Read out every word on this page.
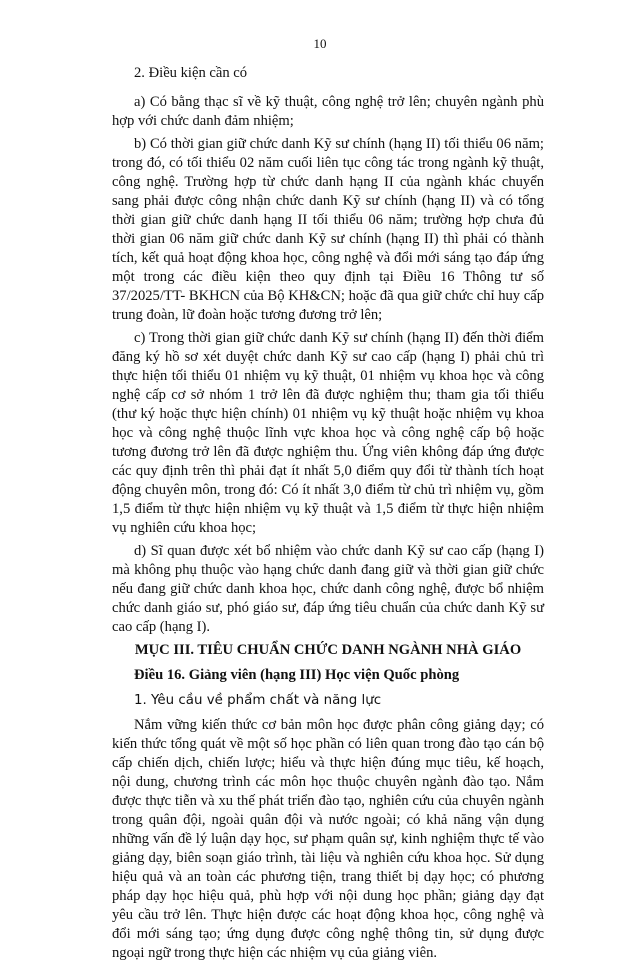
10

2. Điều kiện cần có

a) Có bằng thạc sĩ về kỹ thuật, công nghệ trở lên; chuyên ngành phù hợp với chức danh đảm nhiệm;

b) Có thời gian giữ chức danh Kỹ sư chính (hạng II) tối thiểu 06 năm; trong đó, có tối thiểu 02 năm cuối liên tục công tác trong ngành kỹ thuật, công nghệ. Trường hợp từ chức danh hạng II của ngành khác chuyển sang phải được công nhận chức danh Kỹ sư chính (hạng II) và có tổng thời gian giữ chức danh hạng II tối thiểu 06 năm; trường hợp chưa đủ thời gian 06 năm giữ chức danh Kỹ sư chính (hạng II) thì phải có thành tích, kết quả hoạt động khoa học, công nghệ và đổi mới sáng tạo đáp ứng một trong các điều kiện theo quy định tại Điều 16 Thông tư số 37/2025/TT- BKHCN của Bộ KH&CN; hoặc đã qua giữ chức chỉ huy cấp trung đoàn, lữ đoàn hoặc tương đương trở lên;

c) Trong thời gian giữ chức danh Kỹ sư chính (hạng II) đến thời điểm đăng ký hồ sơ xét duyệt chức danh Kỹ sư cao cấp (hạng I) phải chủ trì thực hiện tối thiểu 01 nhiệm vụ kỹ thuật, 01 nhiệm vụ khoa học và công nghệ cấp cơ sở nhóm 1 trở lên đã được nghiệm thu; tham gia tối thiểu (thư ký hoặc thực hiện chính) 01 nhiệm vụ kỹ thuật hoặc nhiệm vụ khoa học và công nghệ thuộc lĩnh vực khoa học và công nghệ cấp bộ hoặc tương đương trở lên đã được nghiệm thu. Ứng viên không đáp ứng được các quy định trên thì phải đạt ít nhất 5,0 điểm quy đổi từ thành tích hoạt động chuyên môn, trong đó: Có ít nhất 3,0 điểm từ chủ trì nhiệm vụ, gồm 1,5 điểm từ thực hiện nhiệm vụ kỹ thuật và 1,5 điểm từ thực hiện nhiệm vụ nghiên cứu khoa học;

d) Sĩ quan được xét bổ nhiệm vào chức danh Kỹ sư cao cấp (hạng I) mà không phụ thuộc vào hạng chức danh đang giữ và thời gian giữ chức nếu đang giữ chức danh khoa học, chức danh công nghệ, được bổ nhiệm chức danh giáo sư, phó giáo sư, đáp ứng tiêu chuẩn của chức danh Kỹ sư cao cấp (hạng I).

MỤC III. TIÊU CHUẨN CHỨC DANH NGÀNH NHÀ GIÁO

Điều 16. Giảng viên (hạng III) Học viện Quốc phòng

1. Yêu cầu về phẩm chất và năng lực

Nắm vững kiến thức cơ bản môn học được phân công giảng dạy; có kiến thức tổng quát về một số học phần có liên quan trong đào tạo cán bộ cấp chiến dịch, chiến lược; hiểu và thực hiện đúng mục tiêu, kế hoạch, nội dung, chương trình các môn học thuộc chuyên ngành đào tạo. Nắm được thực tiễn và xu thế phát triển đào tạo, nghiên cứu của chuyên ngành trong quân đội, ngoài quân đội và nước ngoài; có khả năng vận dụng những vấn đề lý luận dạy học, sư phạm quân sự, kinh nghiệm thực tế vào giảng dạy, biên soạn giáo trình, tài liệu và nghiên cứu khoa học. Sử dụng hiệu quả và an toàn các phương tiện, trang thiết bị dạy học; có phương pháp dạy học hiệu quả, phù hợp với nội dung học phần; giảng dạy đạt yêu cầu trở lên. Thực hiện được các hoạt động khoa học, công nghệ và đổi mới sáng tạo; ứng dụng được công nghệ thông tin, sử dụng được ngoại ngữ trong thực hiện các nhiệm vụ của giảng viên.
